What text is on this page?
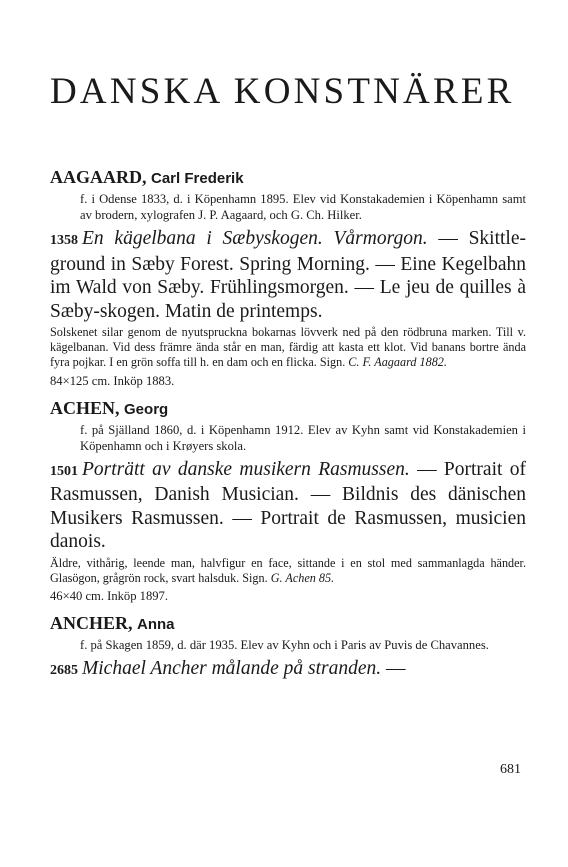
DANSKA KONSTNÄRER

AAGAARD, Carl Frederik

f. i Odense 1833, d. i Köpenhamn 1895. Elev vid Konstakademien i Köpenhamn samt av brodern, xylografen J. P. Aagaard, och G. Ch. Hilker.

1358 En kägelbana i Sæbyskogen. Vårmorgon. — Skittle-ground in Sæby Forest. Spring Morning. — Eine Kegelbahn im Wald von Sæby. Frühlingsmorgen. — Le jeu de quilles à Sæby-skogen. Matin de printemps.

Solskenet silar genom de nyutspruckna bokarnas lövverk ned på den rödbruna marken. Till v. kägelbanan. Vid dess främre ända står en man, färdig att kasta ett klot. Vid banans bortre ända fyra pojkar. I en grön soffa till h. en dam och en flicka. Sign. C. F. Aagaard 1882.

84×125 cm. Inköp 1883.

ACHEN, Georg

f. på Själland 1860, d. i Köpenhamn 1912. Elev av Kyhn samt vid Konstakademien i Köpenhamn och i Krøyers skola.

1501 Porträtt av danske musikern Rasmussen. — Portrait of Rasmussen, Danish Musician. — Bildnis des dänischen Musikers Rasmussen. — Portrait de Rasmussen, musicien danois.

Äldre, vithårig, leende man, halvfigur en face, sittande i en stol med sammanlagda händer. Glasögon, grågrön rock, svart halsduk. Sign. G. Achen 85.

46×40 cm. Inköp 1897.

ANCHER, Anna

f. på Skagen 1859, d. där 1935. Elev av Kyhn och i Paris av Puvis de Chavannes.

2685 Michael Ancher målande på stranden. —

681
